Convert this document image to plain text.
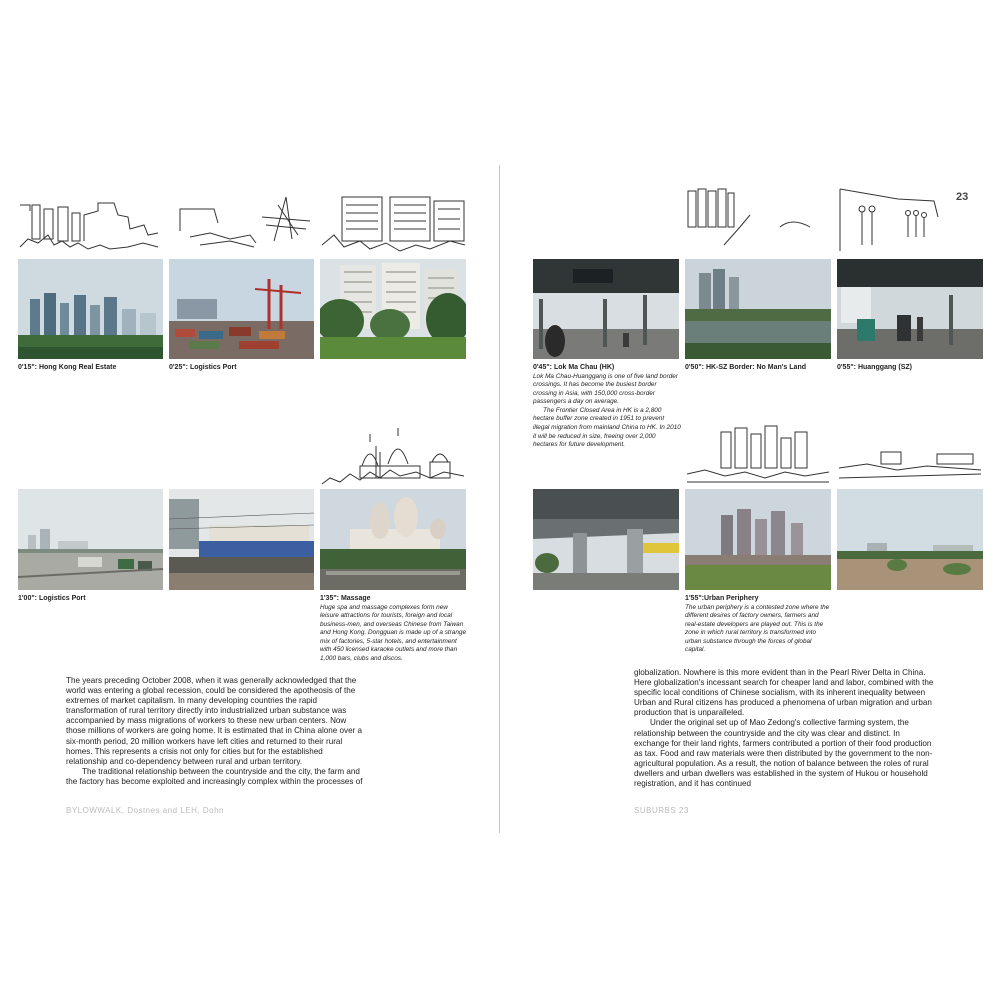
0'15": Hong Kong Real Estate	0'25": Logistics Port
1'00": Logistics Port	1'35": Massage
Huge spa and massage complexes form new leisure attractions for tourists, foreign and local business-men, and overseas Chinese from Taiwan and Hong Kong. Dongguan is made up of a strange mix of factories, 5-star hotels, and entertainment with 450 licensed karaoke outlets and more than 1,000 bars, clubs and discos.

The years preceding October 2008, when it was generally acknowledged that the world was entering a global recession, could be considered the apotheosis of the extremes of market capitalism. In many developing countries the rapid transformation of rural territory directly into industrialized urban substance was accompanied by mass migrations of workers to these new urban centers. Now those millions of workers are going home. It is estimated that in China alone over a six-month period, 20 million workers have left cities and returned to their rural homes. This represents a crisis not only for cities but for the established relationship and co-dependency between rural and urban territory.

The traditional relationship between the countryside and the city, the farm and the factory has become exploited and increasingly complex within the processes of

BYLOWWALK, Dostnes and LEH, Dohn
23
0'45": Lok Ma Chau (HK)

Lok Ma Chau-Huanggang is one of five land border crossings. It has become the busiest border crossing in Asia, with 150,000 cross-border passengers a day on average.

The Frontier Closed Area in HK is a 2,800 hectare buffer zone created in 1951 to prevent illegal migration from mainland China to HK. In 2010 it will be reduced in size, freeing over 2,000 hectares for future development.

0'50": HK-SZ Border: No Man's Land	0'55": Huanggang (SZ)
1'55":Urban Periphery
The urban periphery is a contested zone where the different desires of factory owners, farmers and real-estate developers are played out. This is the zone in which rural territory is transformed into urban substance through the forces of global capital.

globalization. Nowhere is this more evident than in the Pearl River Delta in China. Here globalization's incessant search for cheaper land and labor, combined with the specific local conditions of Chinese socialism, with its inherent inequality between Urban and Rural citizens has produced a phenomena of urban migration and urban production that is unparalleled.

Under the original set up of Mao Zedong's collective farming system, the relationship between the countryside and the city was clear and distinct. In exchange for their land rights, farmers contributed a portion of their food production as tax. Food and raw materials were then distributed by the government to the non-agricultural population. As a result, the notion of balance between the roles of rural dwellers and urban dwellers was established in the system of Hukou or household registration, and it has continued

SUBURBS 23
